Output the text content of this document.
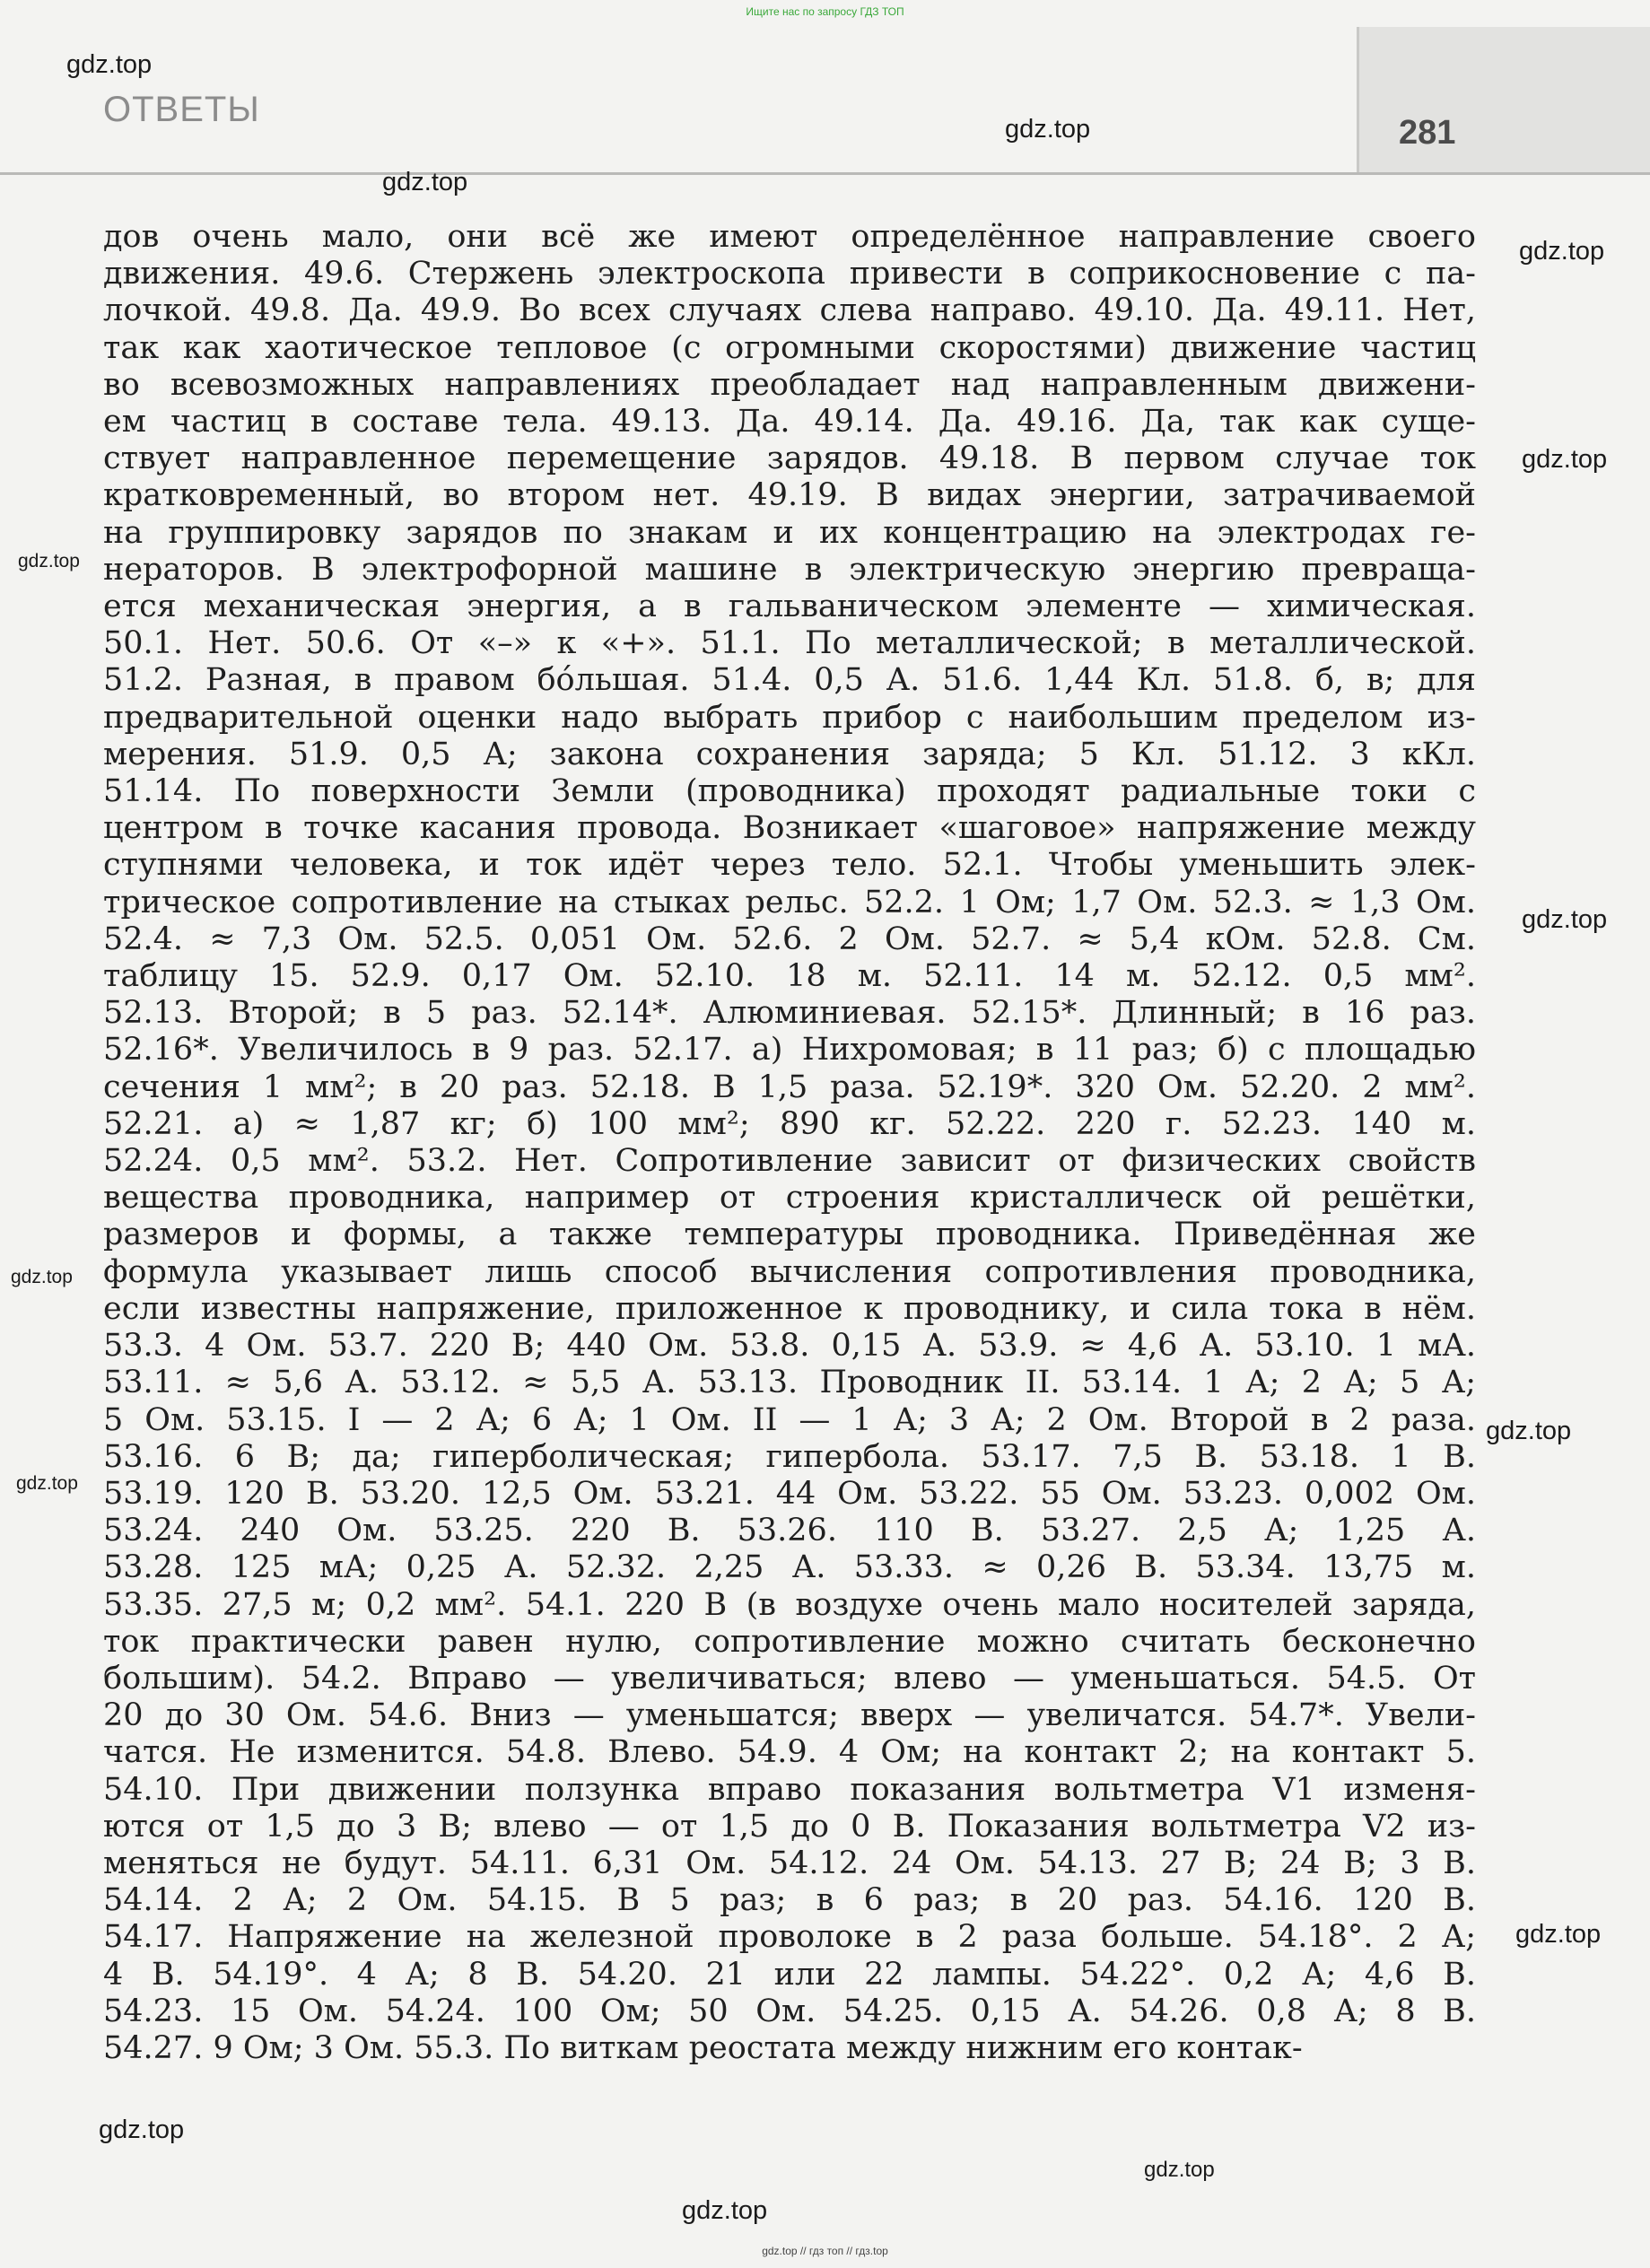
Ищите нас по запросу ГДЗ ТОП
ОТВЕТЫ
281
gdz.top
gdz.top
gdz.top
gdz.top
gdz.top
gdz.top
gdz.top
gdz.top
gdz.top
gdz.top
gdz.top
gdz.top
gdz.top
gdz.top
дов очень мало, они всё же имеют определённое направление своего
движения. 49.6. Стержень электроскопа привести в соприкосновение с па-
лочкой. 49.8. Да. 49.9. Во всех случаях слева направо. 49.10. Да. 49.11. Нет,
так как хаотическое тепловое (с огромными скоростями) движение частиц
во всевозможных направлениях преобладает над направленным движени-
ем частиц в составе тела. 49.13. Да. 49.14. Да. 49.16. Да, так как суще-
ствует направленное перемещение зарядов. 49.18. В первом случае ток
кратковременный, во втором нет. 49.19. В видах энергии, затрачиваемой
на группировку зарядов по знакам и их концентрацию на электродах ге-
нераторов. В электрофорной машине в электрическую энергию превраща-
ется механическая энергия, а в гальваническом элементе — химическая.
50.1. Нет. 50.6. От «–» к «+». 51.1. По металлической; в металлической.
51.2. Разная, в правом бо́льшая. 51.4. 0,5 А. 51.6. 1,44 Кл. 51.8. б, в; для
предварительной оценки надо выбрать прибор с наибольшим пределом из-
мерения. 51.9. 0,5 А; закона сохранения заряда; 5 Кл. 51.12. 3 кКл.
51.14. По поверхности Земли (проводника) проходят радиальные токи с
центром в точке касания провода. Возникает «шаговое» напряжение между
ступнями человека, и ток идёт через тело. 52.1. Чтобы уменьшить элек-
трическое сопротивление на стыках рельс. 52.2. 1 Ом; 1,7 Ом. 52.3. ≈ 1,3 Ом.
52.4. ≈ 7,3 Ом. 52.5. 0,051 Ом. 52.6. 2 Ом. 52.7. ≈ 5,4 кОм. 52.8. См.
таблицу 15. 52.9. 0,17 Ом. 52.10. 18 м. 52.11. 14 м. 52.12. 0,5 мм².
52.13. Второй; в 5 раз. 52.14*. Алюминиевая. 52.15*. Длинный; в 16 раз.
52.16*. Увеличилось в 9 раз. 52.17. а) Нихромовая; в 11 раз; б) с площадью
сечения 1 мм²; в 20 раз. 52.18. В 1,5 раза. 52.19*. 320 Ом. 52.20. 2 мм².
52.21. а) ≈ 1,87 кг; б) 100 мм²; 890 кг. 52.22. 220 г. 52.23. 140 м.
52.24. 0,5 мм². 53.2. Нет. Сопротивление зависит от физических свойств
вещества проводника, например от строения кристаллическ ой решётки,
размеров и формы, а также температуры проводника. Приведённая же
формула указывает лишь способ вычисления сопротивления проводника,
если известны напряжение, приложенное к проводнику, и сила тока в нём.
53.3. 4 Ом. 53.7. 220 В; 440 Ом. 53.8. 0,15 А. 53.9. ≈ 4,6 А. 53.10. 1 мА.
53.11. ≈ 5,6 А. 53.12. ≈ 5,5 А. 53.13. Проводник II. 53.14. 1 А; 2 А; 5 А;
5 Ом. 53.15. I — 2 А; 6 А; 1 Ом. II — 1 А; 3 А; 2 Ом. Второй в 2 раза.
53.16. 6 В; да; гиперболическая; гипербола. 53.17. 7,5 В. 53.18. 1 В.
53.19. 120 В. 53.20. 12,5 Ом. 53.21. 44 Ом. 53.22. 55 Ом. 53.23. 0,002 Ом.
53.24. 240 Ом. 53.25. 220 В. 53.26. 110 В. 53.27. 2,5 А; 1,25 А.
53.28. 125 мА; 0,25 А. 52.32. 2,25 А. 53.33. ≈ 0,26 В. 53.34. 13,75 м.
53.35. 27,5 м; 0,2 мм². 54.1. 220 В (в воздухе очень мало носителей заряда,
ток практически равен нулю, сопротивление можно считать бесконечно
большим). 54.2. Вправо — увеличиваться; влево — уменьшаться. 54.5. От
20 до 30 Ом. 54.6. Вниз — уменьшатся; вверх — увеличатся. 54.7*. Увели-
чатся. Не изменится. 54.8. Влево. 54.9. 4 Ом; на контакт 2; на контакт 5.
54.10. При движении ползунка вправо показания вольтметра V1 изменя-
ются от 1,5 до 3 В; влево — от 1,5 до 0 В. Показания вольтметра V2 из-
меняться не будут. 54.11. 6,31 Ом. 54.12. 24 Ом. 54.13. 27 В; 24 В; 3 В.
54.14. 2 А; 2 Ом. 54.15. В 5 раз; в 6 раз; в 20 раз. 54.16. 120 В.
54.17. Напряжение на железной проволоке в 2 раза больше. 54.18°. 2 А;
4 В. 54.19°. 4 А; 8 В. 54.20. 21 или 22 лампы. 54.22°. 0,2 А; 4,6 В.
54.23. 15 Ом. 54.24. 100 Ом; 50 Ом. 54.25. 0,15 А. 54.26. 0,8 А; 8 В.
54.27. 9 Ом; 3 Ом. 55.3. По виткам реостата между нижним его контак-
gdz.top // гдз топ // гдз.top
